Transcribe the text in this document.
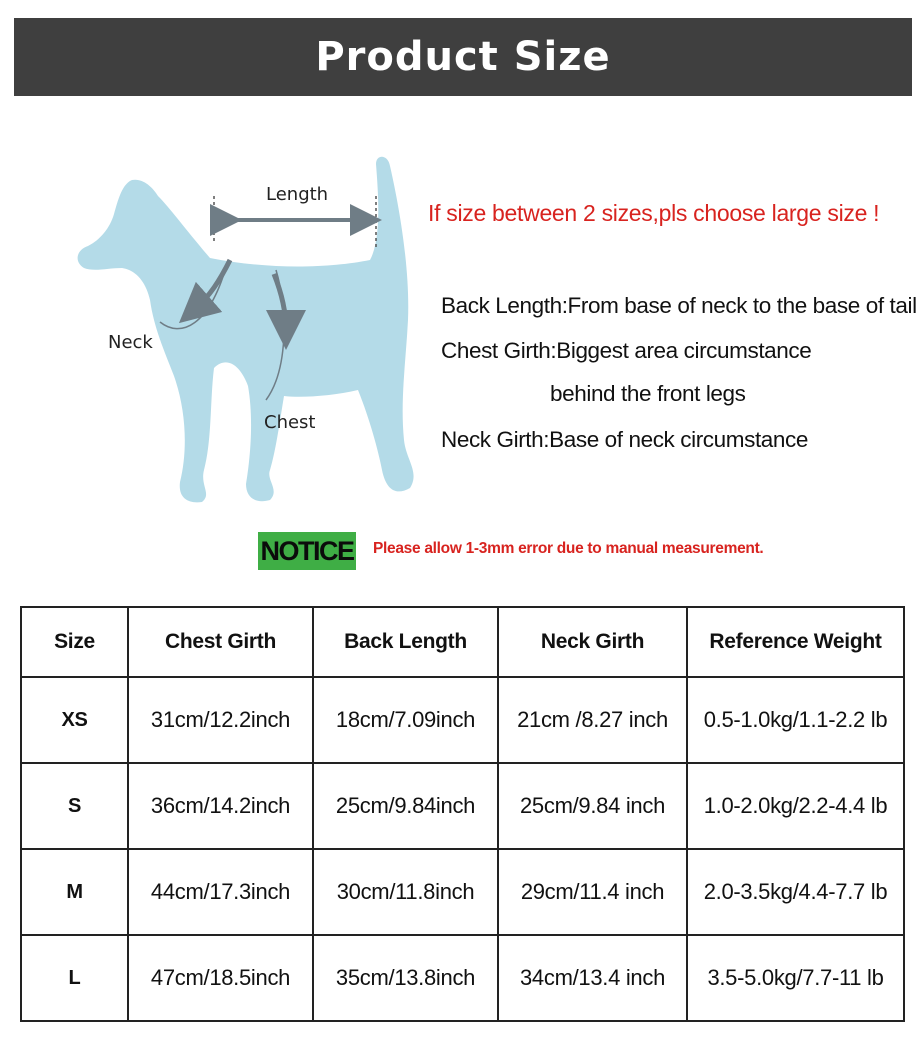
Product Size
Length
Neck
Chest
If size between 2 sizes,pls choose large size !
Back Length:From base of neck to the base of tail
Chest Girth:Biggest area circumstance
behind the front legs
Neck Girth:Base of neck circumstance
NOTICE Please allow 1-3mm error due to manual measurement.
Size	Chest Girth	Back Length	Neck Girth	Reference Weight
XS	31cm/12.2inch	18cm/7.09inch	21cm /8.27 inch	0.5-1.0kg/1.1-2.2 lb
S	36cm/14.2inch	25cm/9.84inch	25cm/9.84 inch	1.0-2.0kg/2.2-4.4 lb
M	44cm/17.3inch	30cm/11.8inch	29cm/11.4 inch	2.0-3.5kg/4.4-7.7 lb
L	47cm/18.5inch	35cm/13.8inch	34cm/13.4 inch	3.5-5.0kg/7.7-11 lb
